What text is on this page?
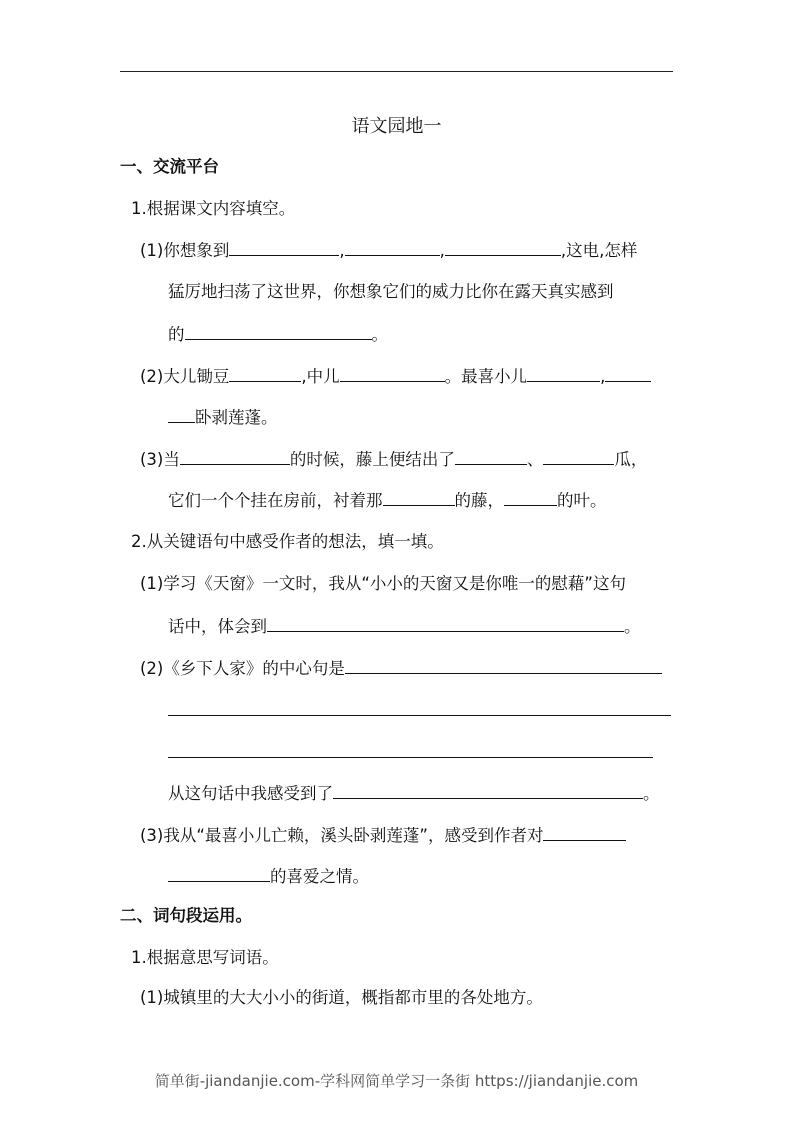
语文园地一
一、交流平台
1.根据课文内容填空。
(1)你想象到	,	,	,这电,怎样
猛厉地扫荡了这世界，你想象它们的威力比你在露天真实感到
的	。
(2)大儿锄豆	,中儿	。最喜小儿	,
卧剥莲蓬。
(3)当	的时候，藤上便结出了	、	瓜，
它们一个个挂在房前，衬着那	的藤，	的叶。
2.从关键语句中感受作者的想法，填一填。
(1)学习《天窗》一文时，我从“小小的天窗又是你唯一的慰藉”这句
话中，体会到	。
(2)《乡下人家》的中心句是
从这句话中我感受到了	。
(3)我从“最喜小儿亡赖，溪头卧剥莲蓬”，感受到作者对
的喜爱之情。
二、词句段运用。
1.根据意思写词语。
(1)城镇里的大大小小的街道，概指都市里的各处地方。
简单街-jiandanjie.com-学科网简单学习一条街 https://jiandanjie.com
